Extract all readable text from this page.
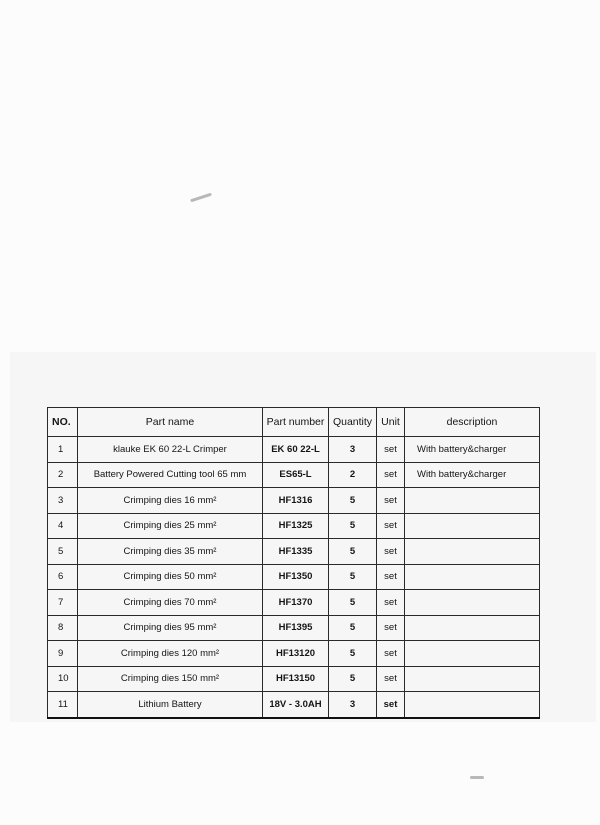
NO.	Part name	Part number	Quantity	Unit	description
1	klauke EK 60 22-L Crimper	EK 60 22-L	3	set	With battery&charger
2	Battery Powered Cutting tool 65 mm	ES65-L	2	set	With battery&charger
3	Crimping dies 16 mm²	HF1316	5	set	
4	Crimping dies 25 mm²	HF1325	5	set	
5	Crimping dies 35 mm²	HF1335	5	set	
6	Crimping dies 50 mm²	HF1350	5	set	
7	Crimping dies 70 mm²	HF1370	5	set	
8	Crimping dies 95 mm²	HF1395	5	set	
9	Crimping dies 120 mm²	HF13120	5	set	
10	Crimping dies 150 mm²	HF13150	5	set	
11	Lithium Battery	18V - 3.0AH	3	set	
